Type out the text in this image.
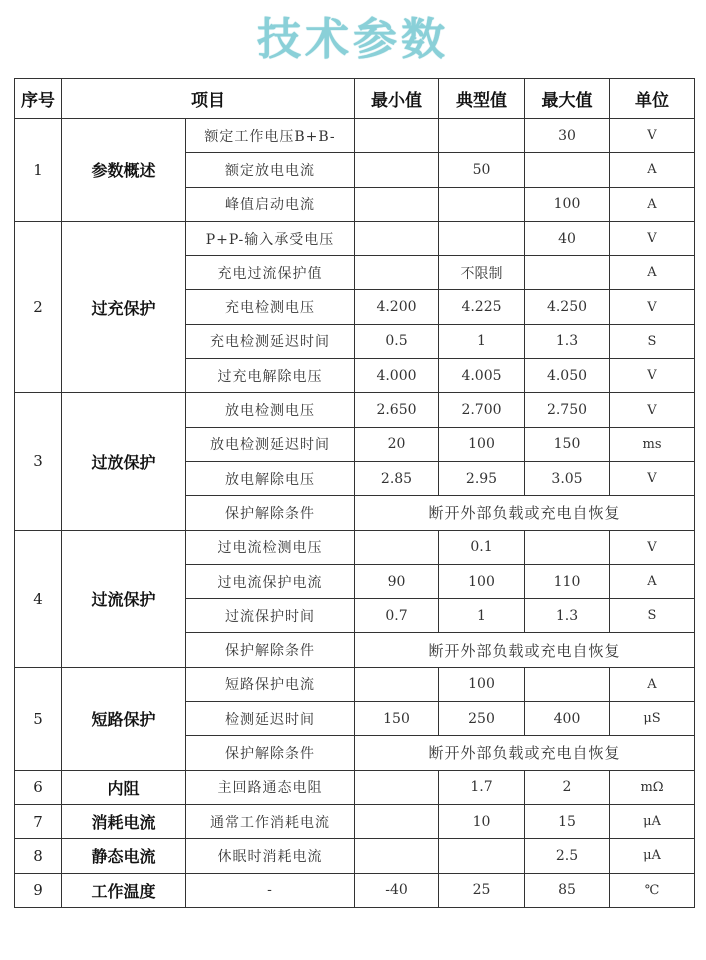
技术参数
序号	项目		最小值	典型值	最大值	单位
1	参数概述	额定工作电压B+B-			30	V
		额定放电电流		50		A
		峰值启动电流			100	A
2	过充保护	P+P-输入承受电压			40	V
		充电过流保护值		不限制		A
		充电检测电压	4.200	4.225	4.250	V
		充电检测延迟时间	0.5	1	1.3	S
		过充电解除电压	4.000	4.005	4.050	V
3	过放保护	放电检测电压	2.650	2.700	2.750	V
		放电检测延迟时间	20	100	150	ms
		放电解除电压	2.85	2.95	3.05	V
		保护解除条件	断开外部负载或充电自恢复			
4	过流保护	过电流检测电压		0.1		V
		过电流保护电流	90	100	110	A
		过流保护时间	0.7	1	1.3	S
		保护解除条件	断开外部负载或充电自恢复			
5	短路保护	短路保护电流		100		A
		检测延迟时间	150	250	400	μS
		保护解除条件	断开外部负载或充电自恢复			
6	内阻	主回路通态电阻		1.7	2	mΩ
7	消耗电流	通常工作消耗电流		10	15	μA
8	静态电流	休眠时消耗电流			2.5	μA
9	工作温度	-	-40	25	85	℃
